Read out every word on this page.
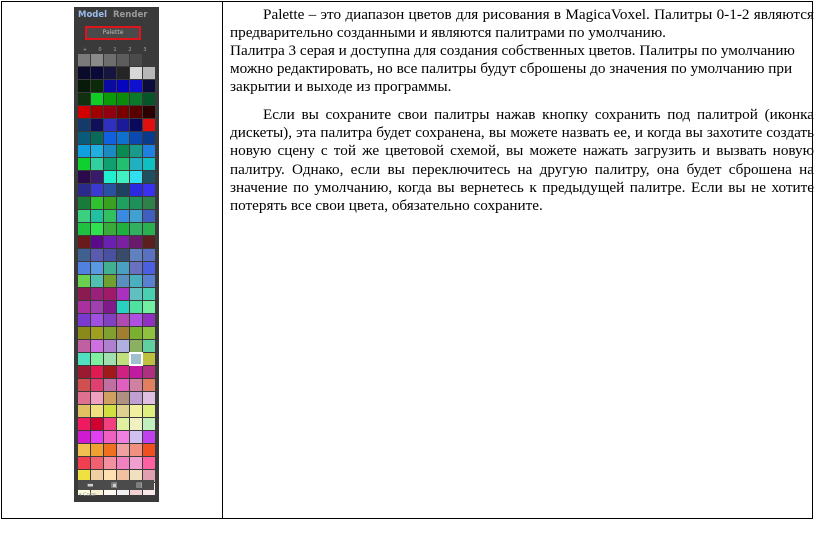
Model Render
Palette
+	0	1	2	3
▬ ▣	▤
▾ Color

Palette – это диапазон цветов для рисования в MagicaVoxel. Палитры 0-1-2 являются предварительно созданными и являются палитрами по умолчанию.

Палитра 3 серая и доступна для создания собственных цветов. Палитры по умолчанию можно редактировать, но все палитры будут сброшены до значения по умолчанию при закрытии и выходе из программы.

Если вы сохраните свои палитры нажав кнопку сохранить под палитрой (иконка дискеты), эта палитра будет сохранена, вы можете назвать ее, и когда вы захотите создать новую сцену с той же цветовой схемой, вы можете нажать загрузить и вызвать новую палитру. Однако, если вы переключитесь на другую палитру, она будет сброшена на значение по умолчанию, когда вы вернетесь к предыдущей палитре. Если вы не хотите потерять все свои цвета, обязательно сохраните.
